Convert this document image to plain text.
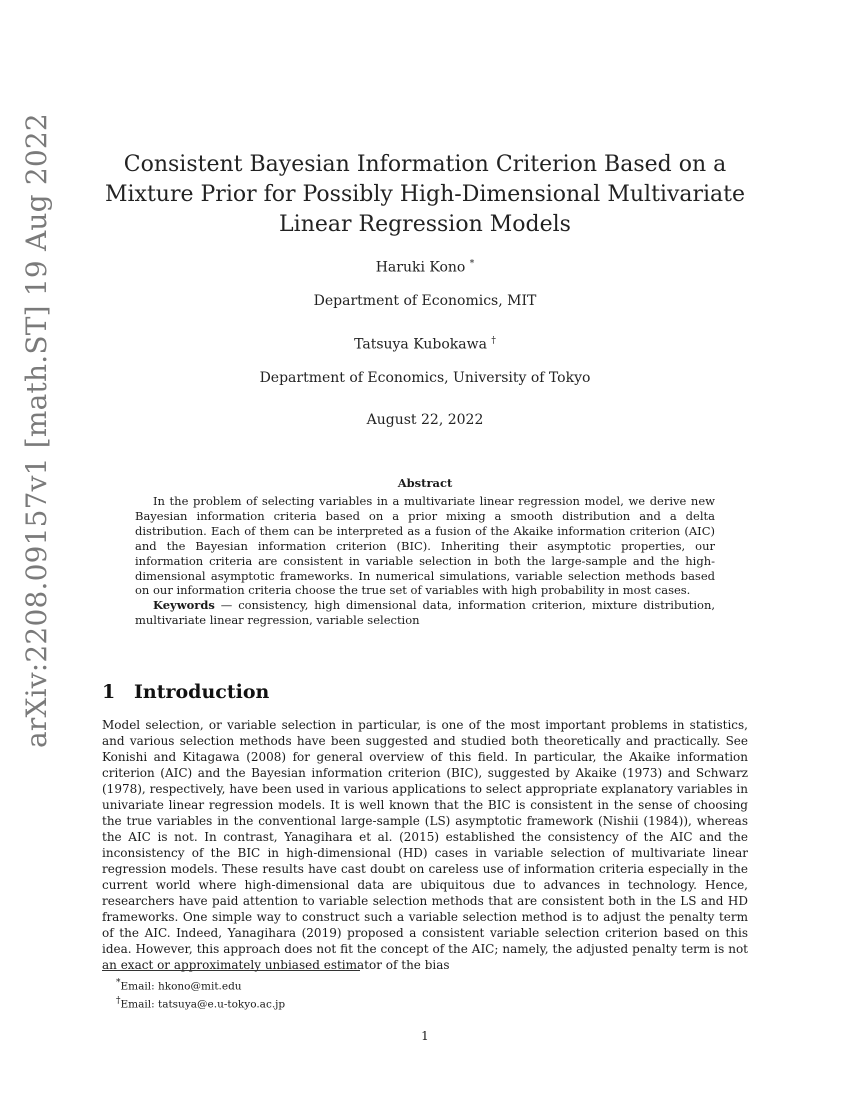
arXiv:2208.09157v1 [math.ST] 19 Aug 2022	Consistent Bayesian Information Criterion Based on a Mixture Prior for Possibly High-Dimensional Multivariate Linear Regression Models
Haruki Kono *
Department of Economics, MIT
Tatsuya Kubokawa †
Department of Economics, University of Tokyo
August 22, 2022
Abstract

In the problem of selecting variables in a multivariate linear regression model, we derive new Bayesian information criteria based on a prior mixing a smooth distribution and a delta distribution. Each of them can be interpreted as a fusion of the Akaike information criterion (AIC) and the Bayesian information criterion (BIC). Inheriting their asymptotic properties, our information criteria are consistent in variable selection in both the large-sample and the high-dimensional asymptotic frameworks. In numerical simulations, variable selection methods based on our information criteria choose the true set of variables with high probability in most cases.

Keywords — consistency, high dimensional data, information criterion, mixture distribution, multivariate linear regression, variable selection

1 Introduction

Model selection, or variable selection in particular, is one of the most important problems in statistics, and various selection methods have been suggested and studied both theoretically and practically. See Konishi and Kitagawa (2008) for general overview of this field. In particular, the Akaike information criterion (AIC) and the Bayesian information criterion (BIC), suggested by Akaike (1973) and Schwarz (1978), respectively, have been used in various applications to select appropriate explanatory variables in univariate linear regression models. It is well known that the BIC is consistent in the sense of choosing the true variables in the conventional large-sample (LS) asymptotic framework (Nishii (1984)), whereas the AIC is not. In contrast, Yanagihara et al. (2015) established the consistency of the AIC and the inconsistency of the BIC in high-dimensional (HD) cases in variable selection of multivariate linear regression models. These results have cast doubt on careless use of information criteria especially in the current world where high-dimensional data are ubiquitous due to advances in technology. Hence, researchers have paid attention to variable selection methods that are consistent both in the LS and HD frameworks. One simple way to construct such a variable selection method is to adjust the penalty term of the AIC. Indeed, Yanagihara (2019) proposed a consistent variable selection criterion based on this idea. However, this approach does not fit the concept of the AIC; namely, the adjusted penalty term is not an exact or approximately unbiased estimator of the bias

*Email: hkono@mit.edu
†Email: tatsuya@e.u-tokyo.ac.jp
1
